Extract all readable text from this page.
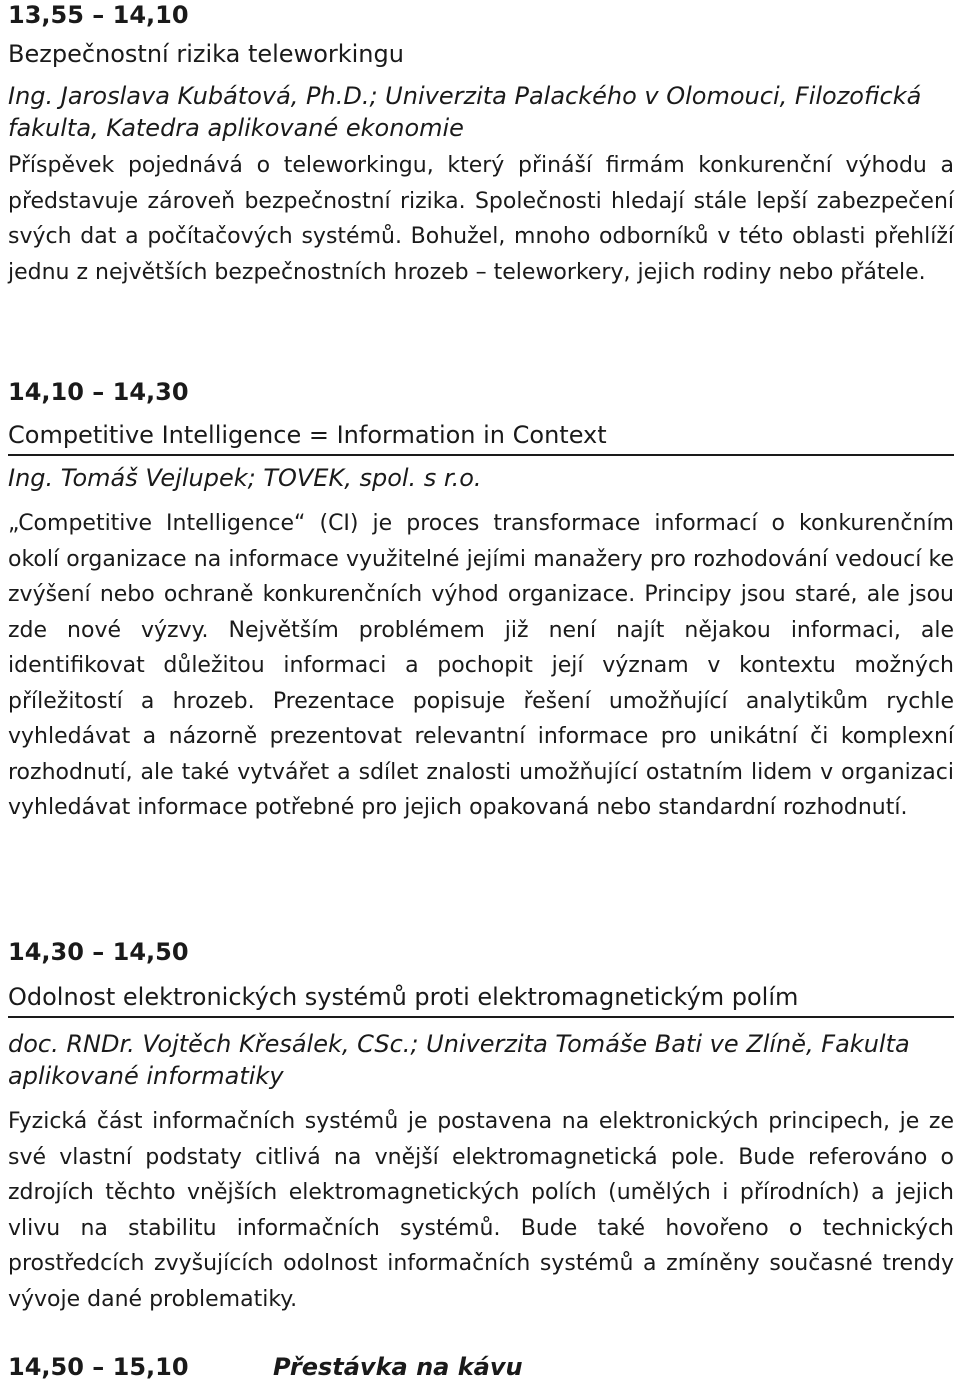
13,55 – 14,10

Bezpečnostní rizika teleworkingu

Ing. Jaroslava Kubátová, Ph.D.; Univerzita Palackého v Olomouci, Filozofická fakulta, Katedra aplikované ekonomie

Příspěvek pojednává o teleworkingu, který přináší firmám konkurenční výhodu a představuje zároveň bezpečnostní rizika. Společnosti hledají stále lepší zabezpečení svých dat a počítačových systémů. Bohužel, mnoho odborníků v této oblasti přehlíží jednu z největších bezpečnostních hrozeb – teleworkery, jejich rodiny nebo přátele.

14,10 – 14,30

Competitive Intelligence = Information in Context

Ing. Tomáš Vejlupek; TOVEK, spol. s r.o.

„Competitive Intelligence“ (CI) je proces transformace informací o konkurenčním okolí organizace na informace využitelné jejími manažery pro rozhodování vedoucí ke zvýšení nebo ochraně konkurenčních výhod organizace. Principy jsou staré, ale jsou zde nové výzvy. Největším problémem již není najít nějakou informaci, ale identifikovat důležitou informaci a pochopit její význam v kontextu možných příležitostí a hrozeb. Prezentace popisuje řešení umožňující analytikům rychle vyhledávat a názorně prezentovat relevantní informace pro unikátní či komplexní rozhodnutí, ale také vytvářet a sdílet znalosti umožňující ostatním lidem v organizaci vyhledávat informace potřebné pro jejich opakovaná nebo standardní rozhodnutí.

14,30 – 14,50

Odolnost elektronických systémů proti elektromagnetickým polím

doc. RNDr. Vojtěch Křesálek, CSc.; Univerzita Tomáše Bati ve Zlíně, Fakulta aplikované informatiky

Fyzická část informačních systémů je postavena na elektronických principech, je ze své vlastní podstaty citlivá na vnější elektromagnetická pole. Bude referováno o zdrojích těchto vnějších elektromagnetických polích (umělých i přírodních) a jejich vlivu na stabilitu informačních systémů. Bude také hovořeno o technických prostředcích zvyšujících odolnost informačních systémů a zmíněny současné trendy vývoje dané problematiky.

14,50 – 15,10	Přestávka na kávu
